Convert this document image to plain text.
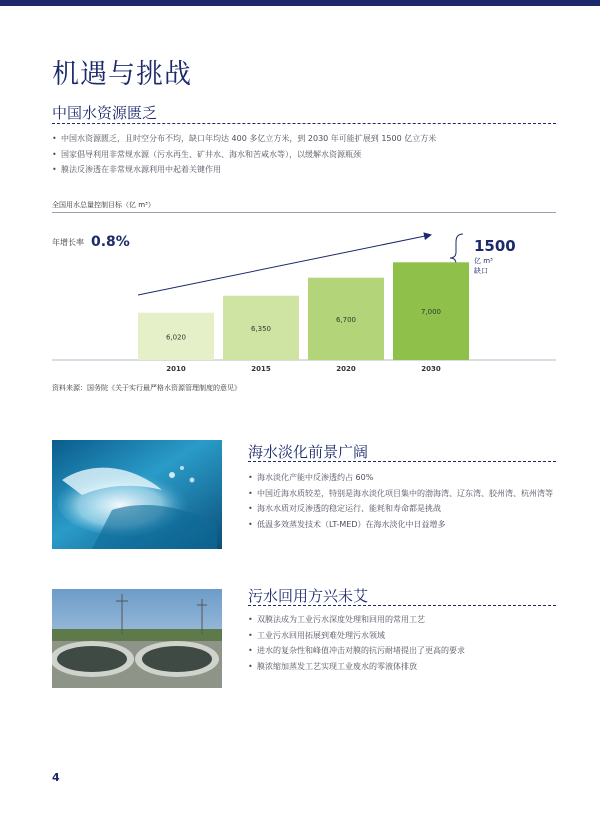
机遇与挑战
中国水资源匮乏
• 中国水资源匮乏，且时空分布不均，缺口年均达 400 多亿立方米，到 2030 年可能扩展到 1500 亿立方米
• 国家倡导利用非常规水源（污水再生、矿井水、海水和苦咸水等），以缓解水资源瓶颈
• 膜法反渗透在非常规水源利用中起着关键作用
全国用水总量控制目标（亿 m³）
年增长率 0.8%	1500
亿 m³
缺口
6,020
2010
6,350
2015
6,700
2020
7,000
2030
资料来源：国务院《关于实行最严格水资源管理制度的意见》
海水淡化前景广阔
• 海水淡化产能中反渗透约占 60%
• 中国近海水质较差，特别是海水淡化项目集中的渤海湾、辽东湾、胶州湾、杭州湾等
• 海水水质对反渗透的稳定运行、能耗和寿命都是挑战
• 低温多效蒸发技术（LT-MED）在海水淡化中日益增多
污水回用方兴未艾
• 双膜法成为工业污水深度处理和回用的常用工艺
• 工业污水回用拓展到难处理污水领域
• 进水的复杂性和峰值冲击对膜的抗污耐堵提出了更高的要求
• 膜浓缩加蒸发工艺实现工业废水的零液体排放
4
